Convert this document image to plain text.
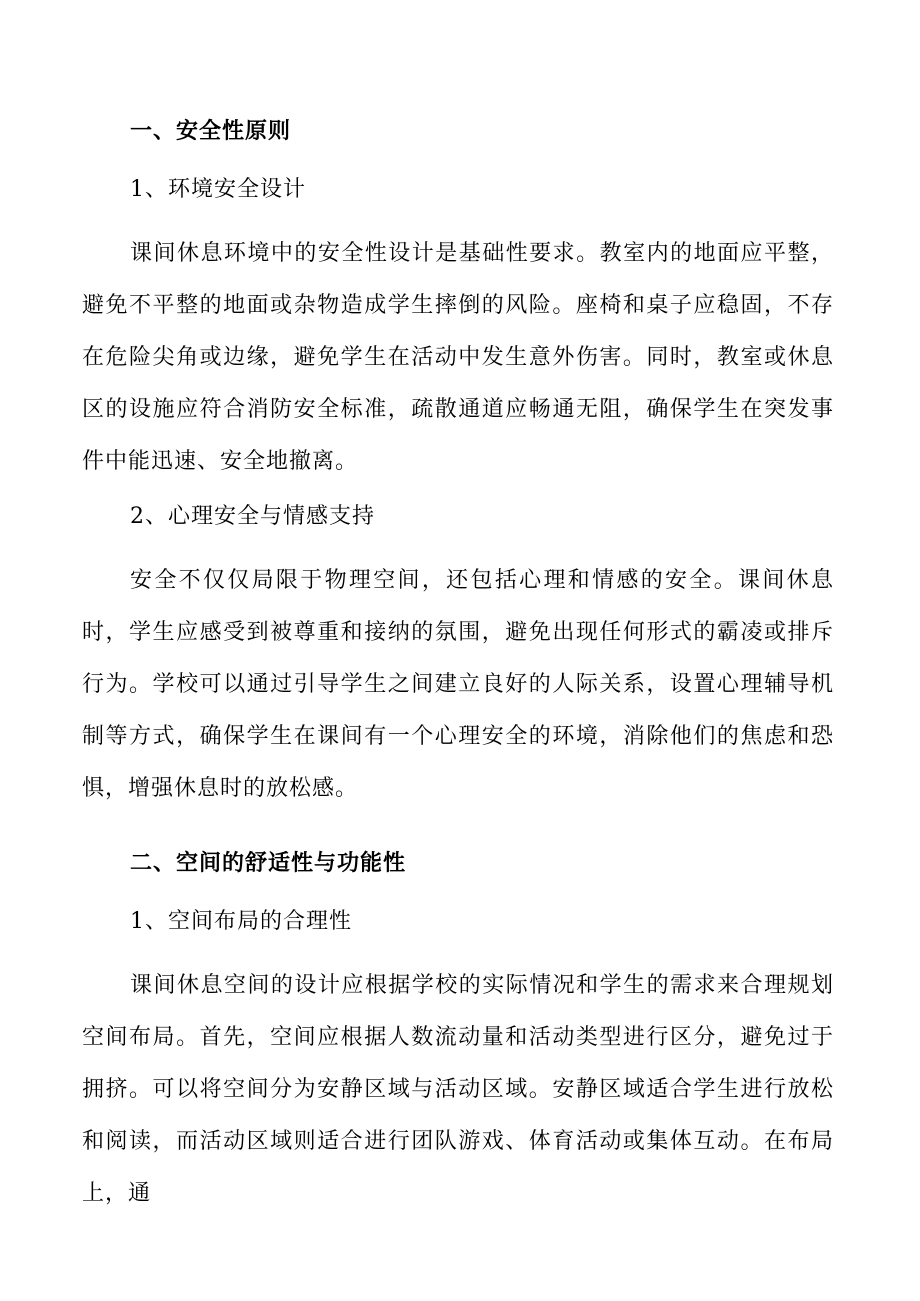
一、安全性原则
1、环境安全设计
课间休息环境中的安全性设计是基础性要求。教室内的地面应平整，避免不平整的地面或杂物造成学生摔倒的风险。座椅和桌子应稳固，不存在危险尖角或边缘，避免学生在活动中发生意外伤害。同时，教室或休息区的设施应符合消防安全标准，疏散通道应畅通无阻，确保学生在突发事件中能迅速、安全地撤离。
2、心理安全与情感支持
安全不仅仅局限于物理空间，还包括心理和情感的安全。课间休息时，学生应感受到被尊重和接纳的氛围，避免出现任何形式的霸凌或排斥行为。学校可以通过引导学生之间建立良好的人际关系，设置心理辅导机制等方式，确保学生在课间有一个心理安全的环境，消除他们的焦虑和恐惧，增强休息时的放松感。
二、空间的舒适性与功能性
1、空间布局的合理性
课间休息空间的设计应根据学校的实际情况和学生的需求来合理规划空间布局。首先，空间应根据人数流动量和活动类型进行区分，避免过于拥挤。可以将空间分为安静区域与活动区域。安静区域适合学生进行放松和阅读，而活动区域则适合进行团队游戏、体育活动或集体互动。在布局上，通
